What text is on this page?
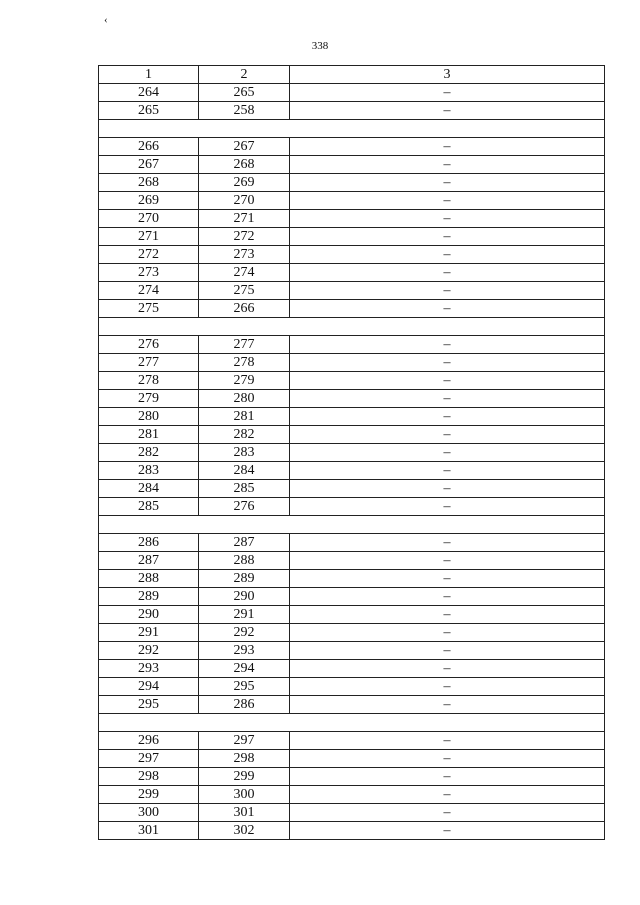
‹
338
1	2	3
264	265	–
265	258	–

266	267	–
267	268	–
268	269	–
269	270	–
270	271	–
271	272	–
272	273	–
273	274	–
274	275	–
275	266	–

276	277	–
277	278	–
278	279	–
279	280	–
280	281	–
281	282	–
282	283	–
283	284	–
284	285	–
285	276	–

286	287	–
287	288	–
288	289	–
289	290	–
290	291	–
291	292	–
292	293	–
293	294	–
294	295	–
295	286	–

296	297	–
297	298	–
298	299	–
299	300	–
300	301	–
301	302	–
